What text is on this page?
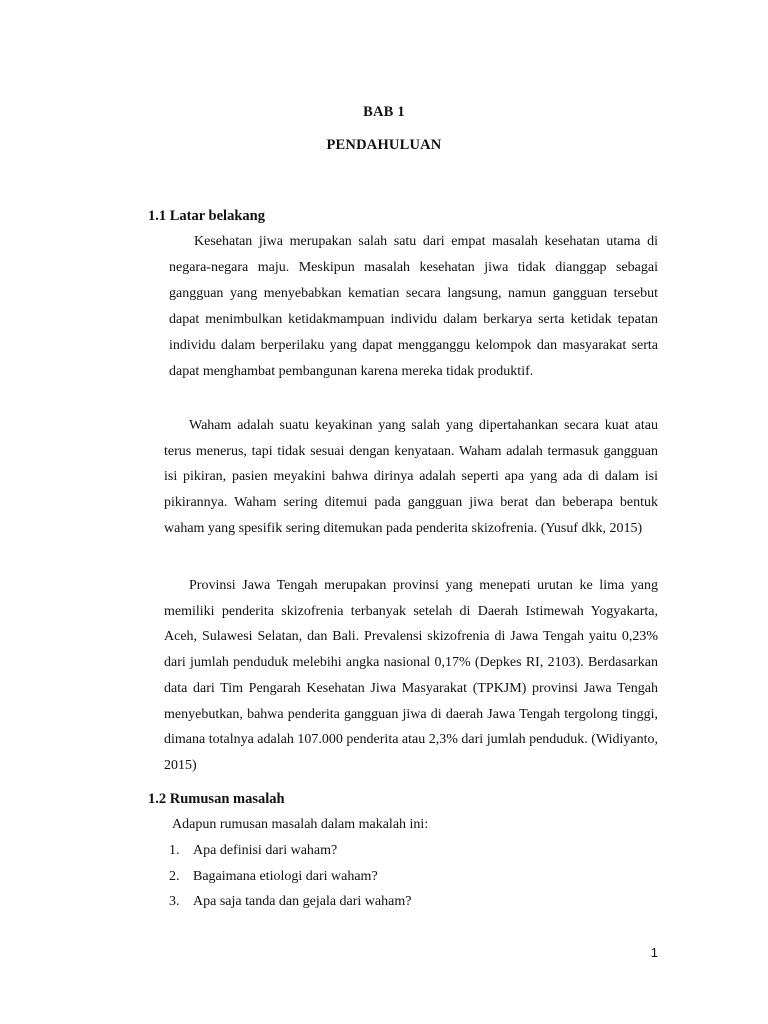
BAB 1
PENDAHULUAN
1.1 Latar belakang

Kesehatan jiwa merupakan salah satu dari empat masalah kesehatan utama di negara-negara maju. Meskipun masalah kesehatan jiwa tidak dianggap sebagai gangguan yang menyebabkan kematian secara langsung, namun gangguan tersebut dapat menimbulkan ketidakmampuan individu dalam berkarya serta ketidak tepatan individu dalam berperilaku yang dapat mengganggu kelompok dan masyarakat serta dapat menghambat pembangunan karena mereka tidak produktif.

Waham adalah suatu keyakinan yang salah yang dipertahankan secara kuat atau terus menerus, tapi tidak sesuai dengan kenyataan. Waham adalah termasuk gangguan isi pikiran, pasien meyakini bahwa dirinya adalah seperti apa yang ada di dalam isi pikirannya. Waham sering ditemui pada gangguan jiwa berat dan beberapa bentuk waham yang spesifik sering ditemukan pada penderita skizofrenia. (Yusuf dkk, 2015)

Provinsi Jawa Tengah merupakan provinsi yang menepati urutan ke lima yang memiliki penderita skizofrenia terbanyak setelah di Daerah Istimewah Yogyakarta, Aceh, Sulawesi Selatan, dan Bali. Prevalensi skizofrenia di Jawa Tengah yaitu 0,23% dari jumlah penduduk melebihi angka nasional 0,17% (Depkes RI, 2103). Berdasarkan data dari Tim Pengarah Kesehatan Jiwa Masyarakat (TPKJM) provinsi Jawa Tengah menyebutkan, bahwa penderita gangguan jiwa di daerah Jawa Tengah tergolong tinggi, dimana totalnya adalah 107.000 penderita atau 2,3% dari jumlah penduduk. (Widiyanto, 2015)

1.2 Rumusan masalah
Adapun rumusan masalah dalam makalah ini:
1. Apa definisi dari waham?
2. Bagaimana etiologi dari waham?
3. Apa saja tanda dan gejala dari waham?
1
